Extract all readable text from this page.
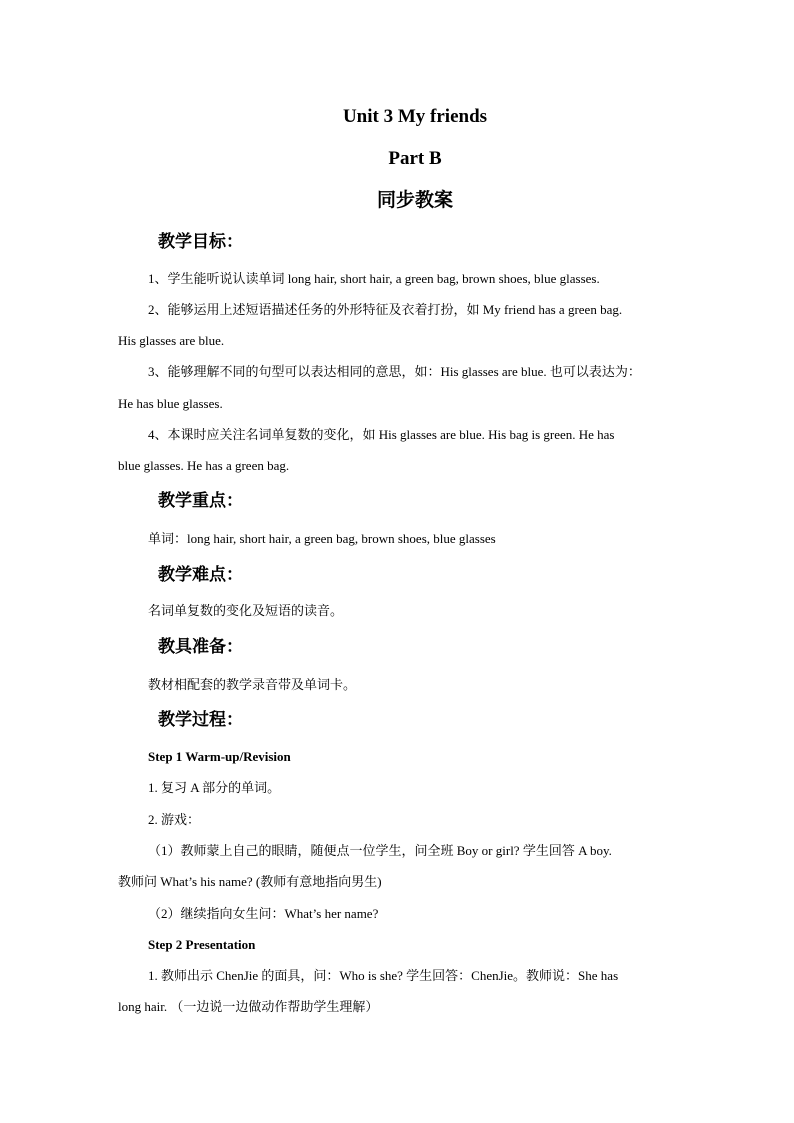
Unit 3 My friends
Part B
同步教案
教学目标：
1、学生能听说认读单词 long hair, short hair, a green bag, brown shoes, blue glasses.
2、能够运用上述短语描述任务的外形特征及衣着打扮，如 My friend has a green bag.
His glasses are blue.
3、能够理解不同的句型可以表达相同的意思，如：His glasses are blue. 也可以表达为：
He has blue glasses.
4、本课时应关注名词单复数的变化，如 His glasses are blue. His bag is green. He has
blue glasses. He has a green bag.
教学重点：
单词：long hair, short hair, a green bag, brown shoes, blue glasses
教学难点：
名词单复数的变化及短语的读音。
教具准备：
教材相配套的教学录音带及单词卡。
教学过程：
Step 1 Warm-up/Revision
1. 复习 A 部分的单词。
2. 游戏：
（1）教师蒙上自己的眼睛，随便点一位学生，问全班 Boy or girl? 学生回答 A boy.
教师问 What’s his name? (教师有意地指向男生)
（2）继续指向女生问：What’s her name?
Step 2 Presentation
1. 教师出示 ChenJie 的面具，问：Who is she? 学生回答：ChenJie。教师说：She has
long hair. （一边说一边做动作帮助学生理解）
